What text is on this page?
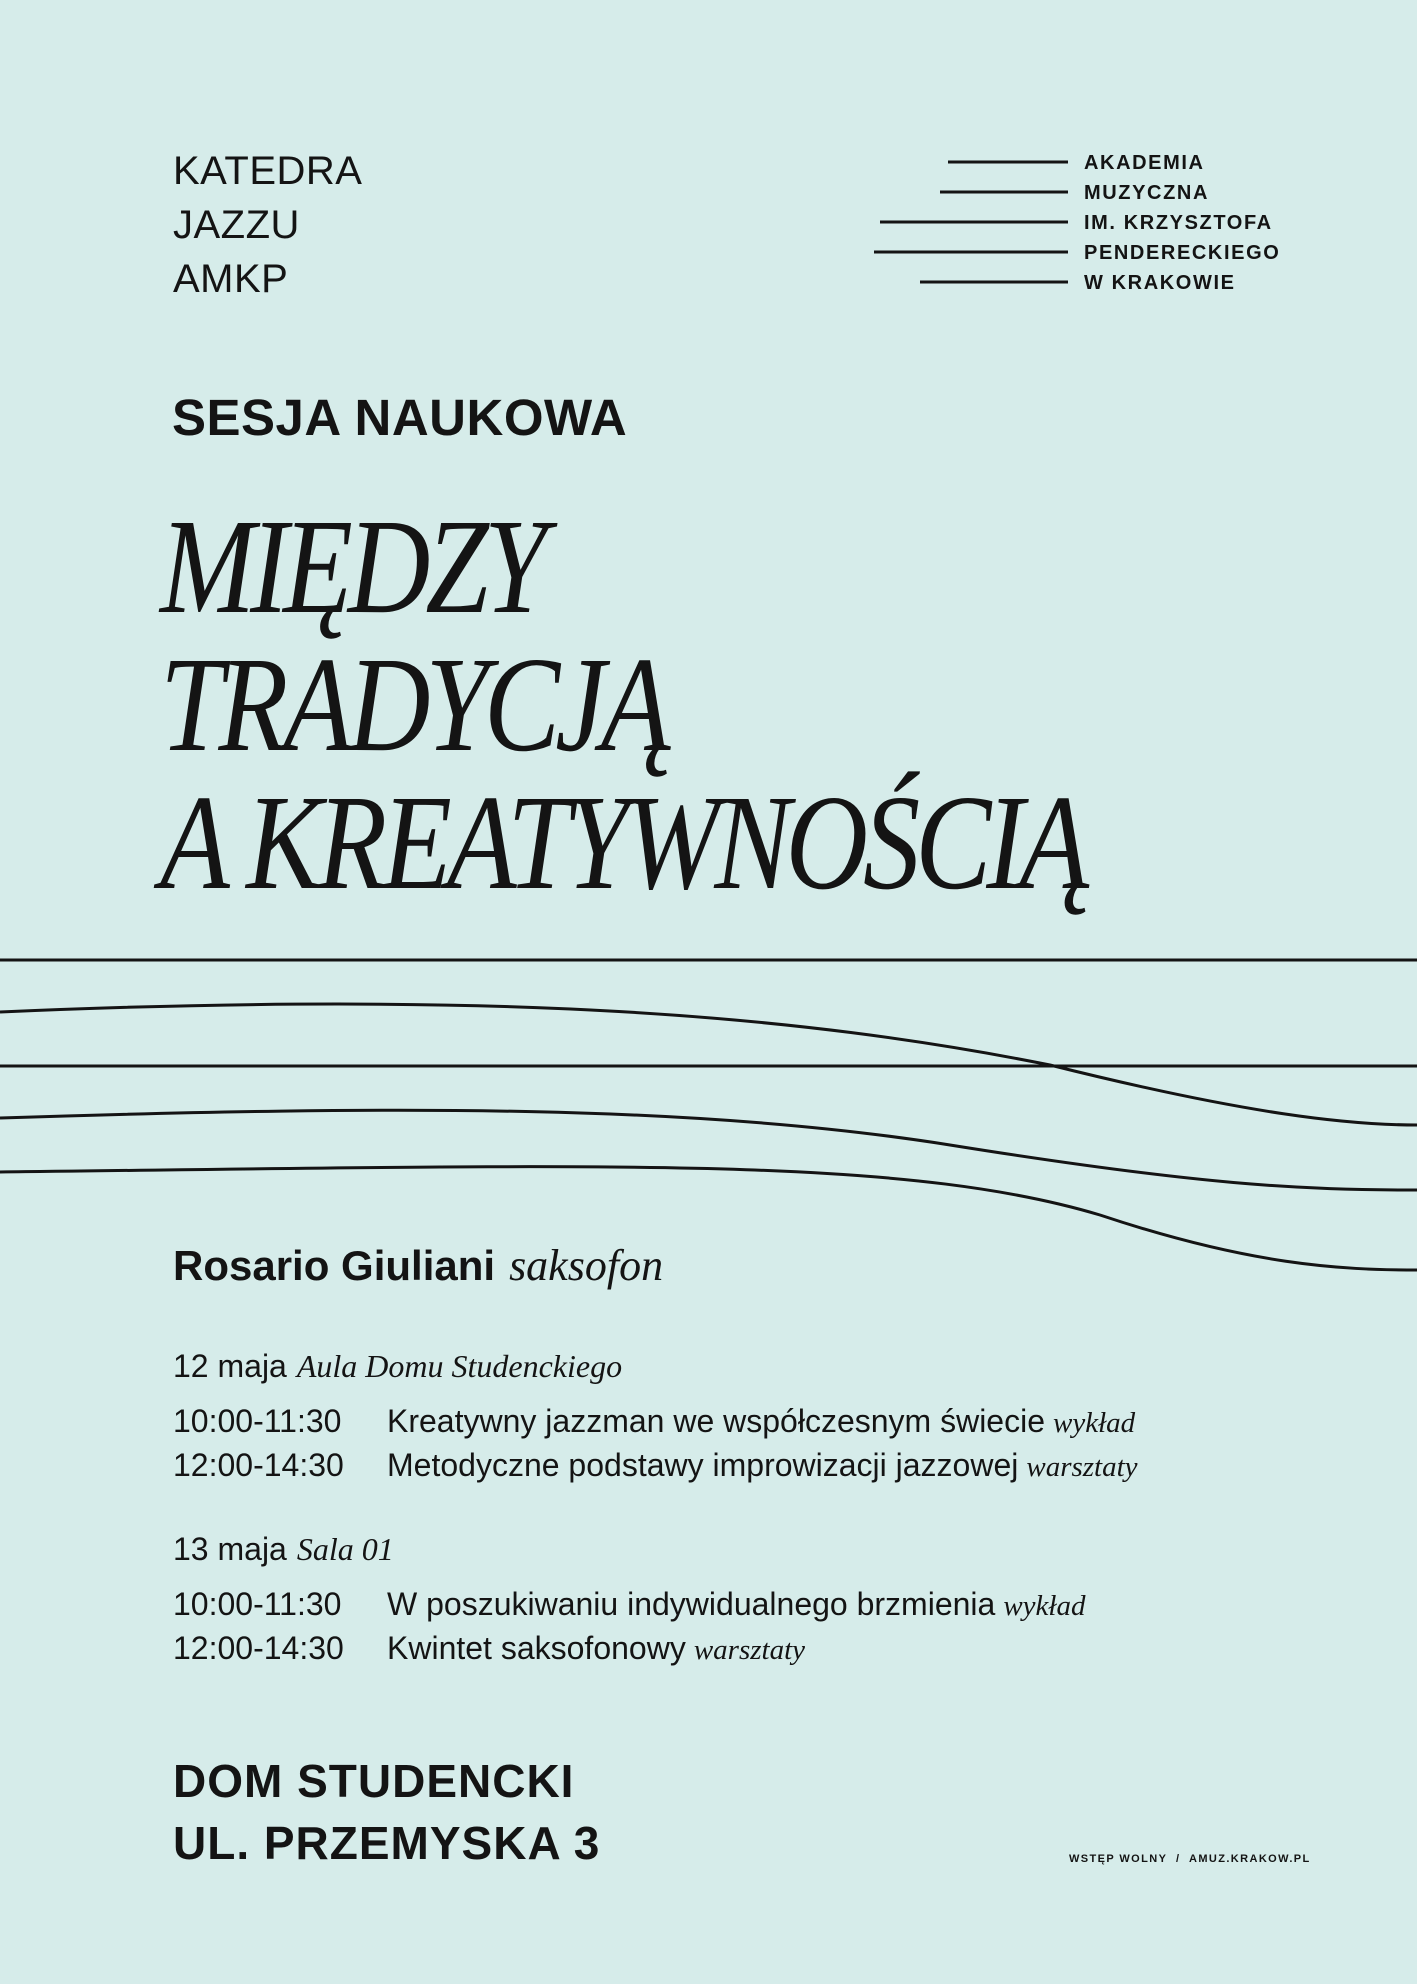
KATEDRA
JAZZU
AMKP
AKADEMIA
MUZYCZNA
IM. KRZYSZTOFA
PENDERECKIEGO
W KRAKOWIE
SESJA NAUKOWA
MIĘDZY
TRADYCJĄ
A KREATYWNOŚCIĄ
Rosario Giuliani saksofon
12 maja Aula Domu Studenckiego
10:00-11:30 Kreatywny jazzman we współczesnym świecie wykład
12:00-14:30 Metodyczne podstawy improwizacji jazzowej warsztaty
13 maja Sala 01
10:00-11:30 W poszukiwaniu indywidualnego brzmienia wykład
12:00-14:30 Kwintet saksofonowy warsztaty
DOM STUDENCKI
UL. PRZEMYSKA 3	WSTĘP WOLNY  /  AMUZ.KRAKOW.PL
